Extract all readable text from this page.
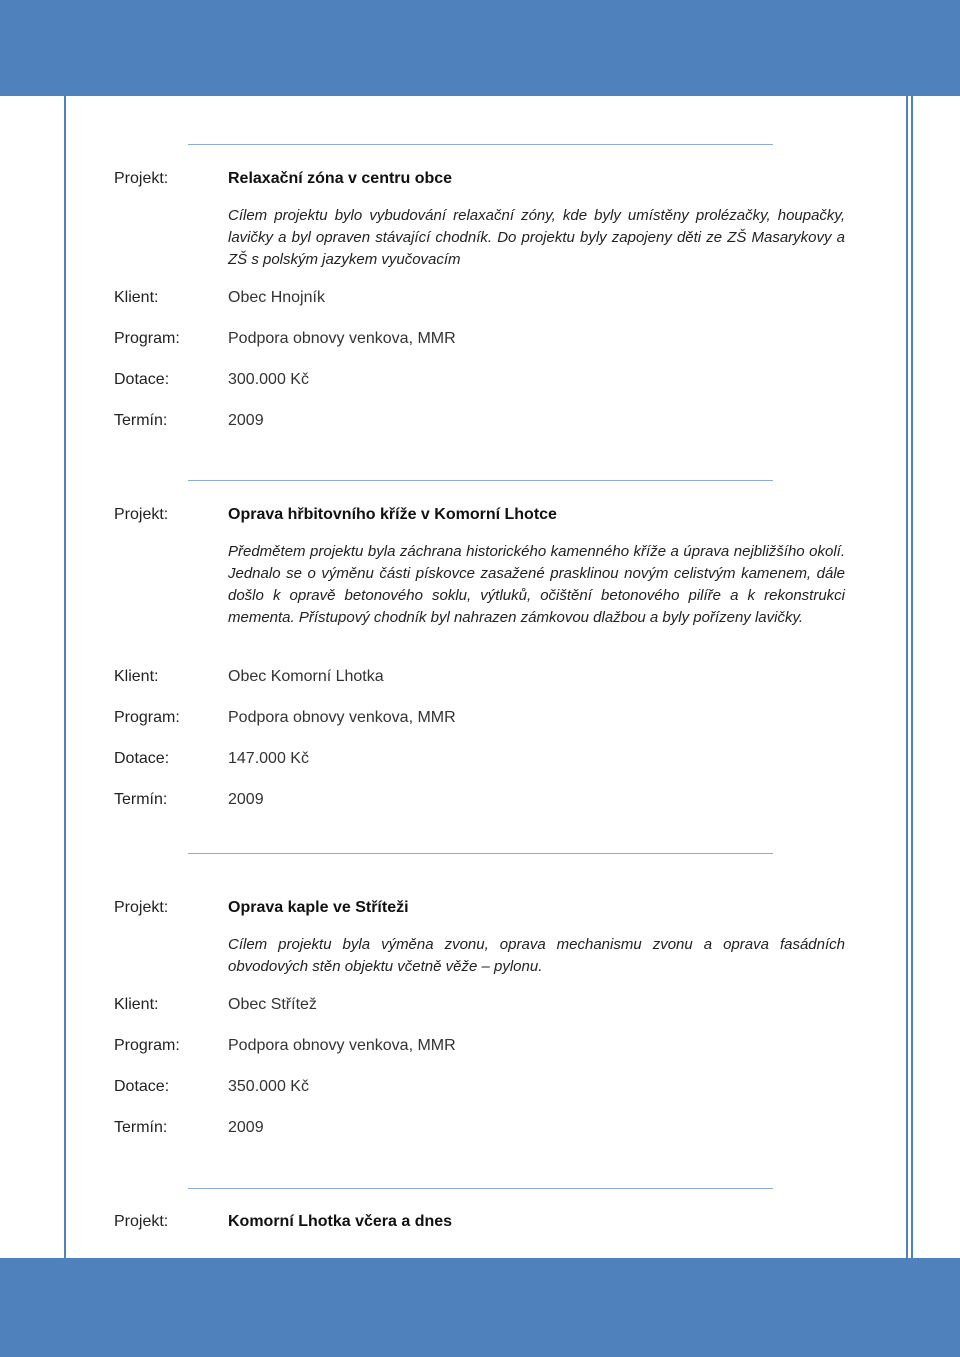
Projekt:	Relaxační zóna v centru obce
Cílem projektu bylo vybudování relaxační zóny, kde byly umístěny prolézačky, houpačky, lavičky a byl opraven stávající chodník. Do projektu byly zapojeny děti ze ZŠ Masarykovy a ZŠ s polským jazykem vyučovacím
Klient:	Obec Hnojník
Program:	Podpora obnovy venkova, MMR
Dotace:	300.000 Kč
Termín:	2009
Projekt:	Oprava hřbitovního kříže v Komorní Lhotce
Předmětem projektu byla záchrana historického kamenného kříže a úprava nejbližšího okolí. Jednalo se o výměnu části pískovce zasažené prasklinou novým celistvým kamenem, dále došlo k opravě betonového soklu, výtluků, očištění betonového pilíře a k rekonstrukci mementa. Přístupový chodník byl nahrazen zámkovou dlažbou a byly pořízeny lavičky.
Klient:	Obec Komorní Lhotka
Program:	Podpora obnovy venkova, MMR
Dotace:	147.000 Kč
Termín:	2009
Projekt:	Oprava kaple ve Stříteži
Cílem projektu byla výměna zvonu, oprava mechanismu zvonu a oprava fasádních obvodových stěn objektu včetně věže – pylonu.
Klient:	Obec Střítež
Program:	Podpora obnovy venkova, MMR
Dotace:	350.000 Kč
Termín:	2009
Projekt:	Komorní Lhotka včera a dnes
